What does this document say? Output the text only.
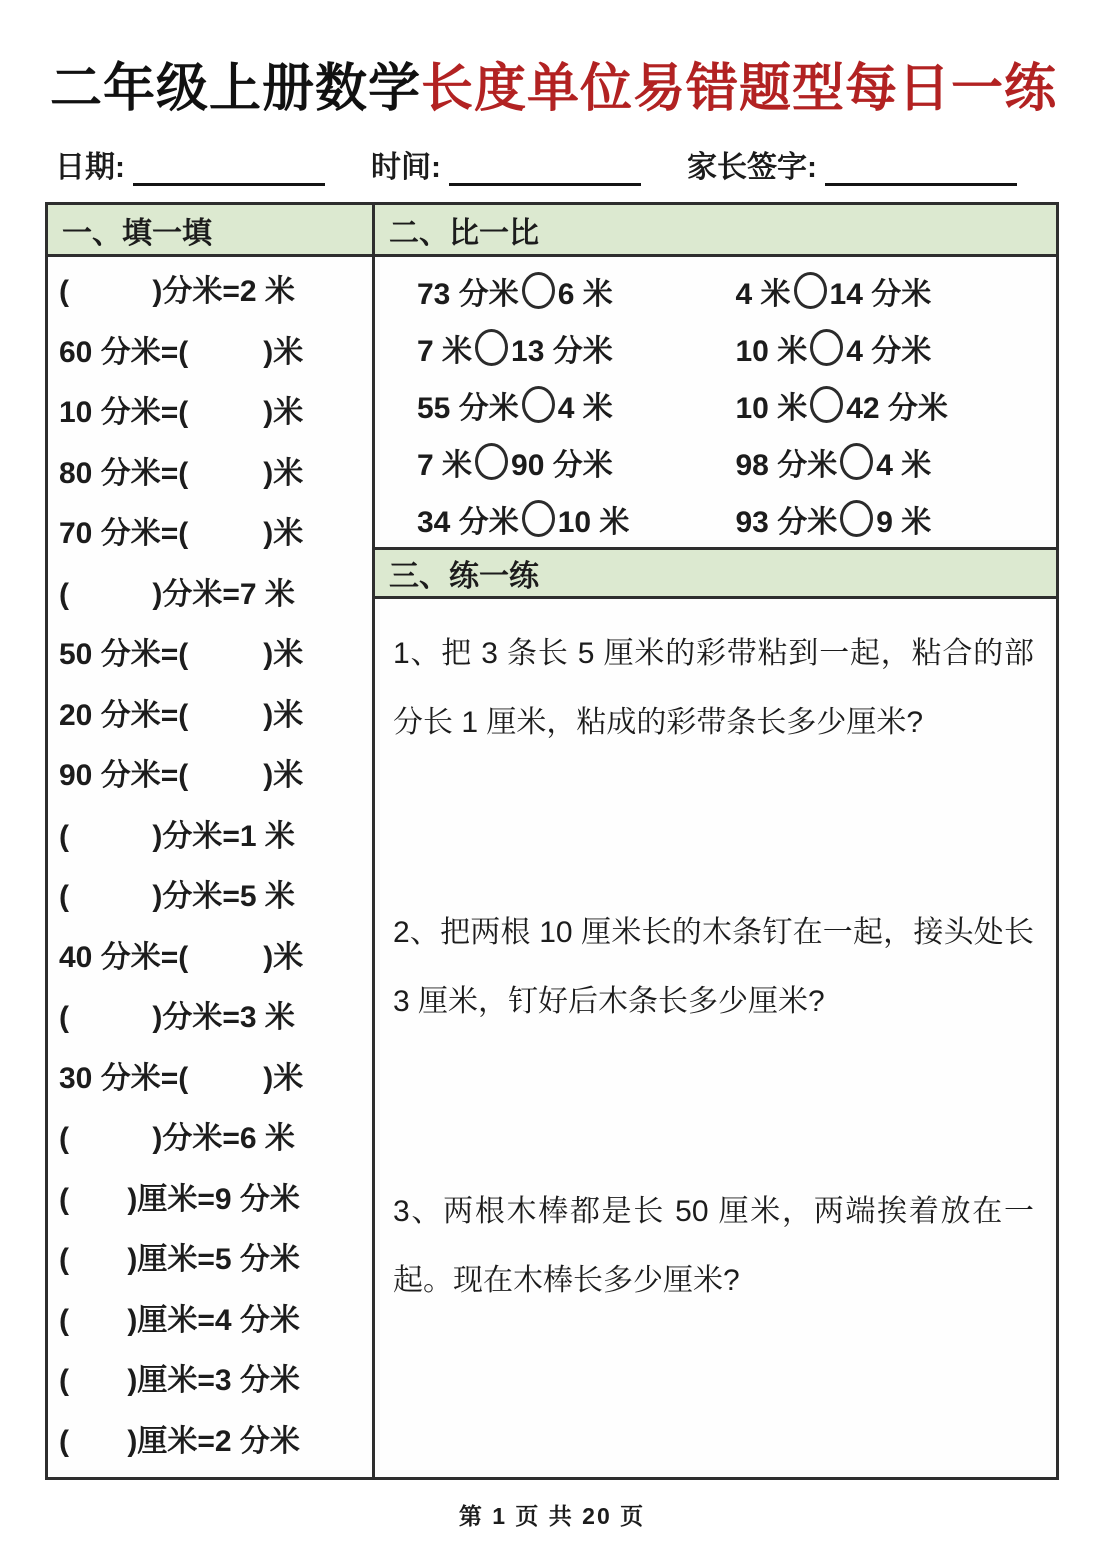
二年级上册数学长度单位易错题型每日一练
日期:	时间:	家长签字:
一、填一填
(          )分米=2 米
60 分米=(         )米
10 分米=(         )米
80 分米=(         )米
70 分米=(         )米
(          )分米=7 米
50 分米=(         )米
20 分米=(         )米
90 分米=(         )米
(          )分米=1 米
(          )分米=5 米
40 分米=(         )米
(          )分米=3 米
30 分米=(         )米
(          )分米=6 米
(       )厘米=9 分米
(       )厘米=5 分米
(       )厘米=4 分米
(       )厘米=3 分米
(       )厘米=2 分米
二、比一比
73 分米 6 米	4 米 14 分米
7 米 13 分米	10 米 4 分米
55 分米 4 米	10 米 42 分米
7 米 90 分米	98 分米 4 米
34 分米 10 米	93 分米 9 米
三、练一练
1、把 3 条长 5 厘米的彩带粘到一起，粘合的部分长 1 厘米，粘成的彩带条长多少厘米?
2、把两根 10 厘米长的木条钉在一起，接头处长 3 厘米，钉好后木条长多少厘米?
3、两根木棒都是长 50 厘米，两端挨着放在一起。现在木棒长多少厘米?
第 1 页 共 20 页
